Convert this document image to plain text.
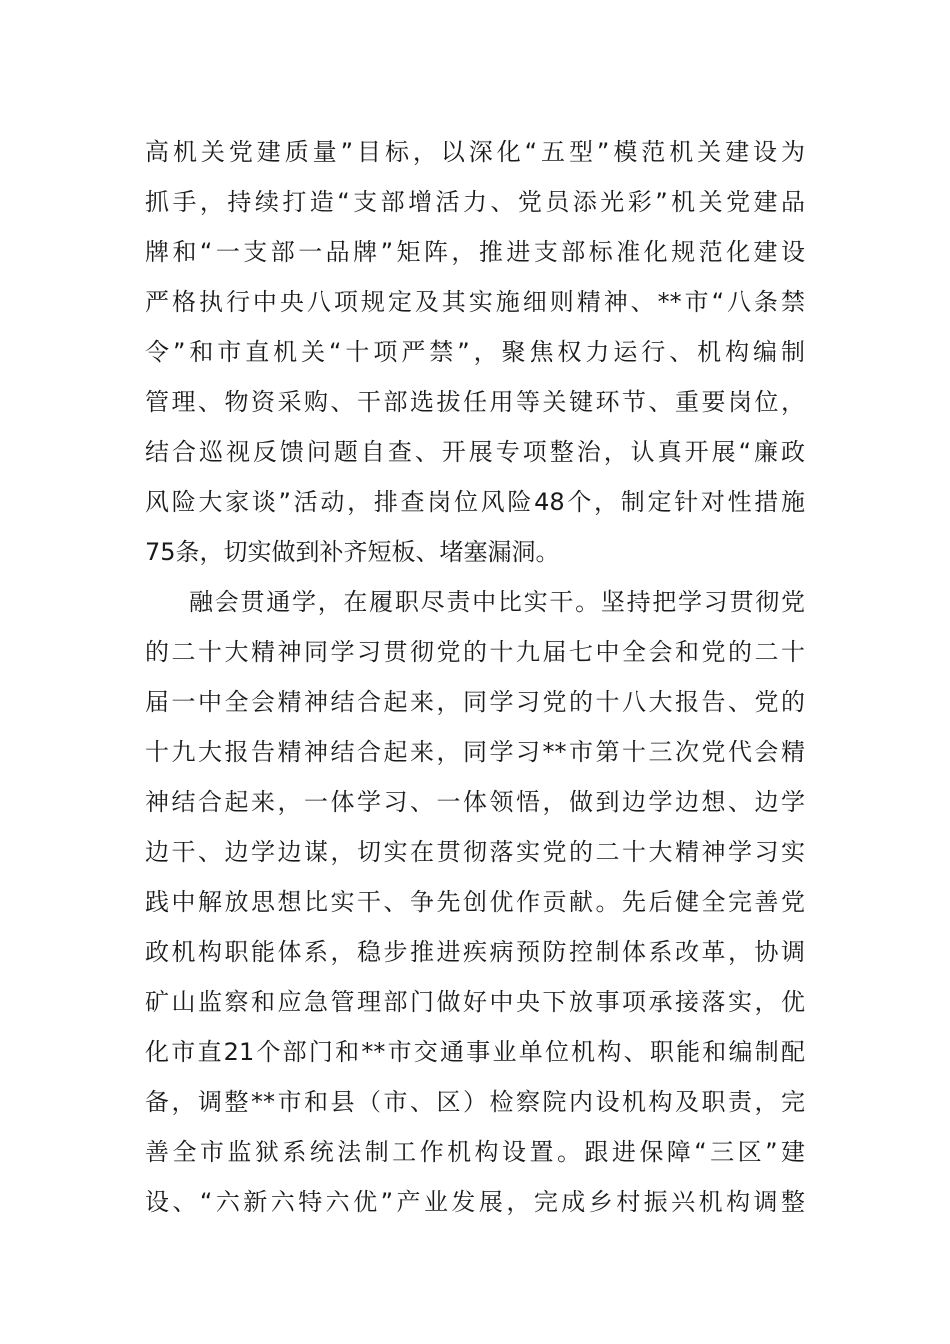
高机关党建质量”目标，以深化“五型”模范机关建设为
抓手，持续打造“支部增活力、党员添光彩”机关党建品
牌和“一支部一品牌”矩阵，推进支部标准化规范化建设
严格执行中央八项规定及其实施细则精神、**市“八条禁
令”和市直机关“十项严禁”，聚焦权力运行、机构编制
管理、物资采购、干部选拔任用等关键环节、重要岗位，
结合巡视反馈问题自查、开展专项整治，认真开展“廉政
风险大家谈”活动，排查岗位风险48个，制定针对性措施
75条，切实做到补齐短板、堵塞漏洞。
融会贯通学，在履职尽责中比实干。坚持把学习贯彻党
的二十大精神同学习贯彻党的十九届七中全会和党的二十
届一中全会精神结合起来，同学习党的十八大报告、党的
十九大报告精神结合起来，同学习**市第十三次党代会精
神结合起来，一体学习、一体领悟，做到边学边想、边学
边干、边学边谋，切实在贯彻落实党的二十大精神学习实
践中解放思想比实干、争先创优作贡献。先后健全完善党
政机构职能体系，稳步推进疾病预防控制体系改革，协调
矿山监察和应急管理部门做好中央下放事项承接落实，优
化市直21个部门和**市交通事业单位机构、职能和编制配
备，调整**市和县（市、区）检察院内设机构及职责，完
善全市监狱系统法制工作机构设置。跟进保障“三区”建
设、“六新六特六优”产业发展，完成乡村振兴机构调整
